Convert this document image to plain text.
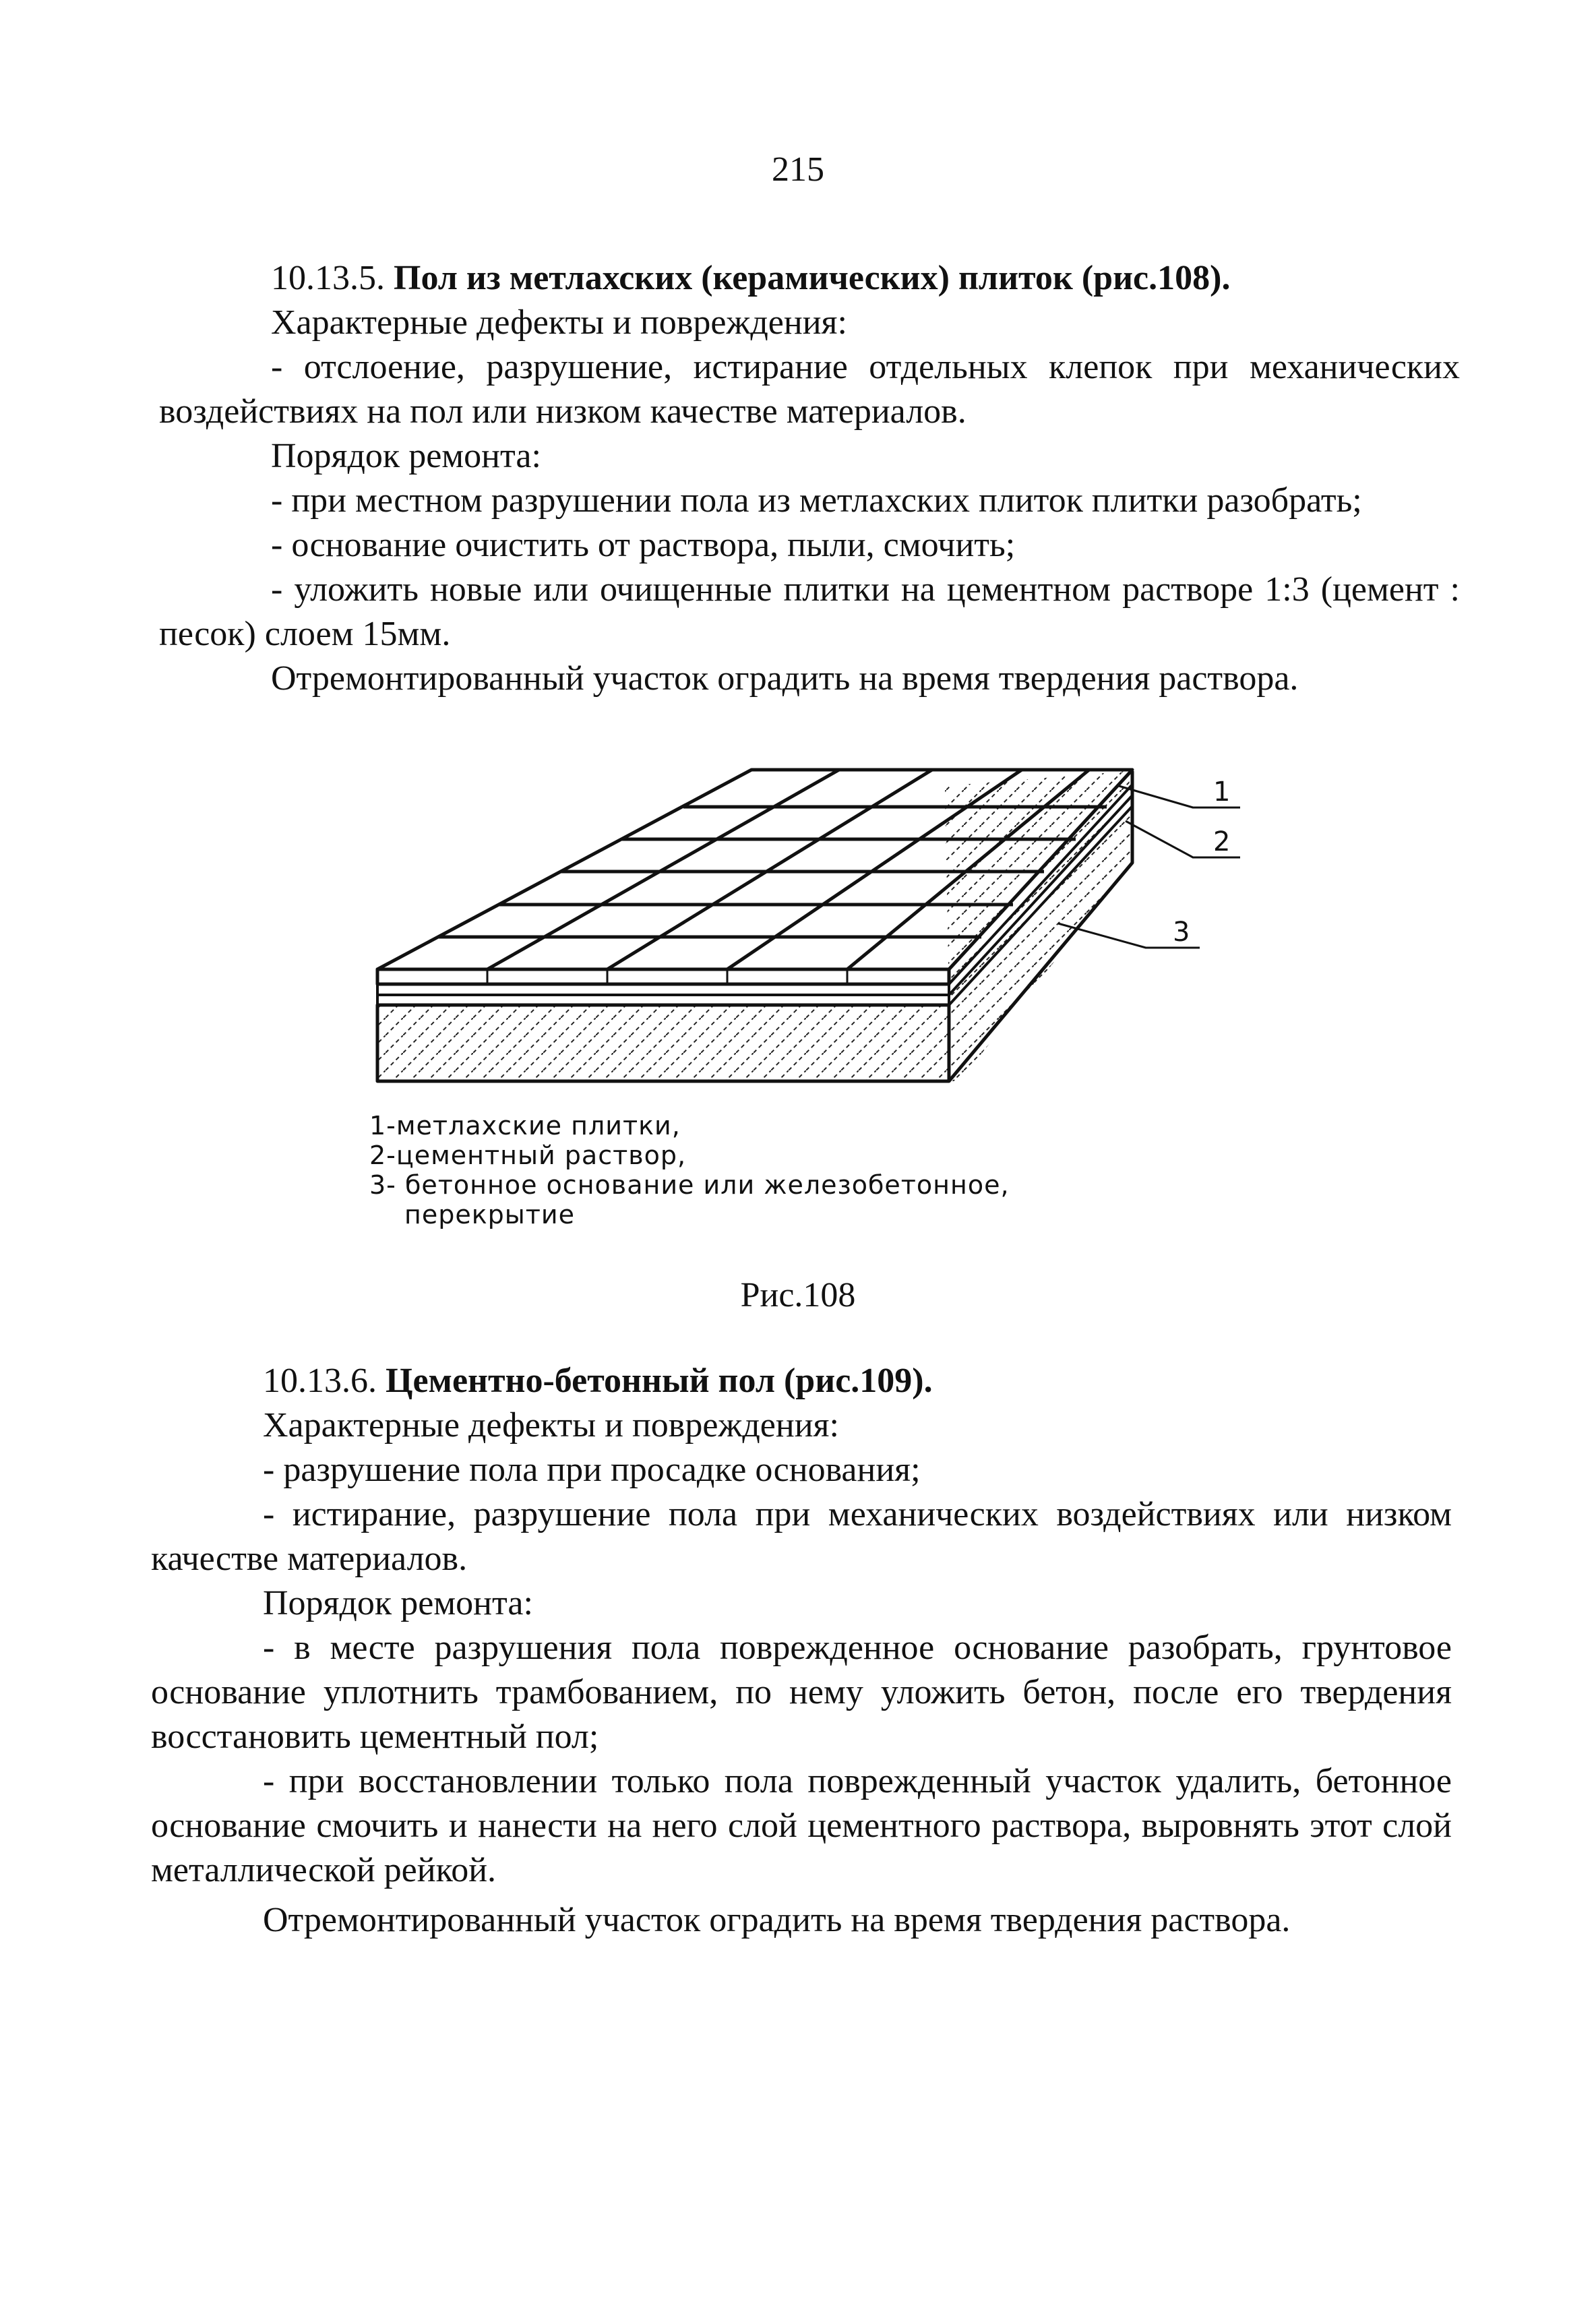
215

10.13.5. Пол из метлахских (керамических) плиток (рис.108).

Характерные дефекты и повреждения:

- отслоение, разрушение, истирание отдельных клепок при механических воздействиях на пол или низком качестве материалов.

Порядок ремонта:

- при местном разрушении пола из метлахских плиток плитки разобрать;

- основание очистить от раствора, пыли, смочить;

- уложить новые или очищенные плитки на цементном растворе 1:3 (цемент : песок) слоем 15мм.

Отремонтированный участок оградить на время твердения раствора.

1
2
3
1-метлахские плитки,
2-цементный раствор,
3- бетонное основание или железобетонное,
перекрытие
Рис.108

10.13.6. Цементно-бетонный пол (рис.109).

Характерные дефекты и повреждения:

- разрушение пола при просадке основания;

- истирание, разрушение пола при механических воздействиях или низком качестве материалов.

Порядок ремонта:

- в месте разрушения пола поврежденное основание разобрать, грунтовое основание уплотнить трамбованием, по нему уложить бетон, после его твердения восстановить цементный пол;

- при восстановлении только пола поврежденный участок удалить, бетонное основание смочить и нанести на него слой цементного раствора, выровнять этот слой металлической рейкой.

Отремонтированный участок оградить на время твердения раствора.
